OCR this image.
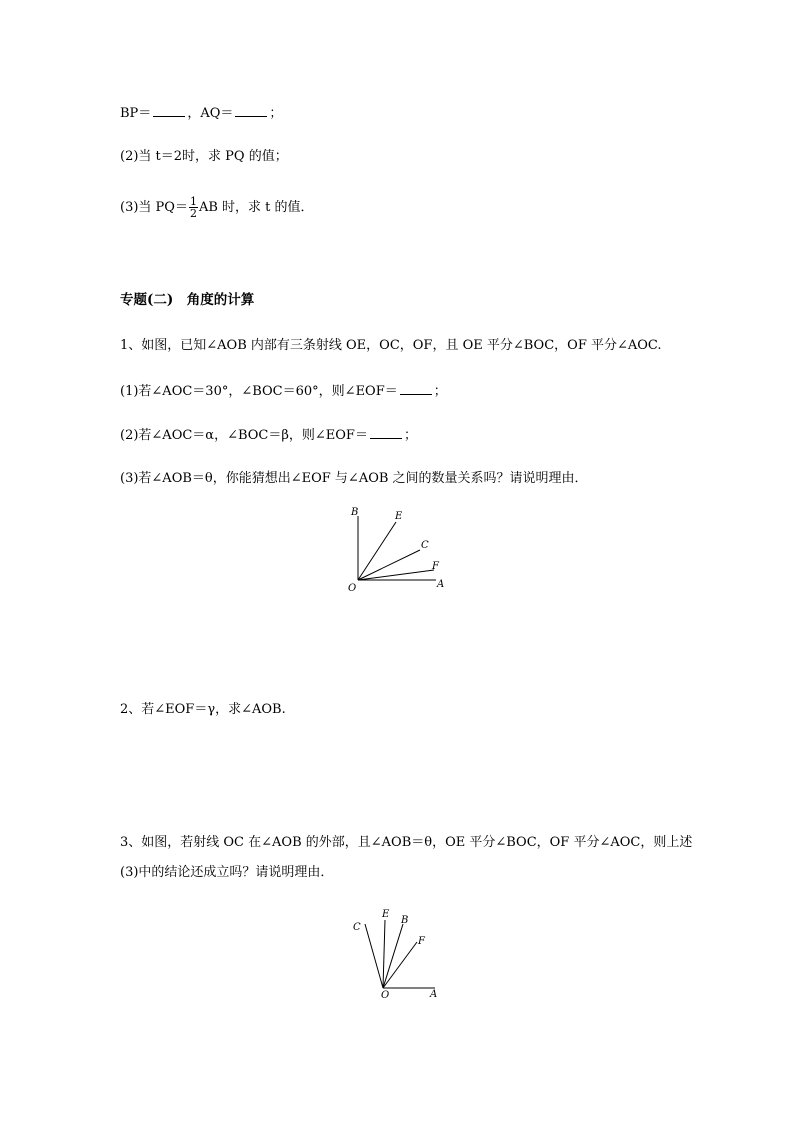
BP＝	，AQ＝	；
(2)当 t＝2时，求 PQ 的值；
(3)当 $PQ= \frac{1}{2}$ AB 时，求 t 的值．
专题(二)　角度的计算
1、如图，已知∠AOB 内部有三条射线 OE，OC，OF，且 OE 平分∠BOC，OF 平分∠AOC.
(1)若∠AOC＝30°，∠BOC＝60°，则∠EOF＝	；
(2)若∠AOC＝α，∠BOC＝β，则∠EOF＝	；
(3)若∠AOB＝θ，你能猜想出∠EOF 与∠AOB 之间的数量关系吗？请说明理由．
B	E
C
F
A
O
2、若∠EOF＝γ，求∠AOB.
3、如图，若射线 OC 在∠AOB 的外部，且∠AOB＝θ，OE 平分∠BOC，OF 平分∠AOC，则上述
(3)中的结论还成立吗？请说明理由．
C
E
B
F
O	A
